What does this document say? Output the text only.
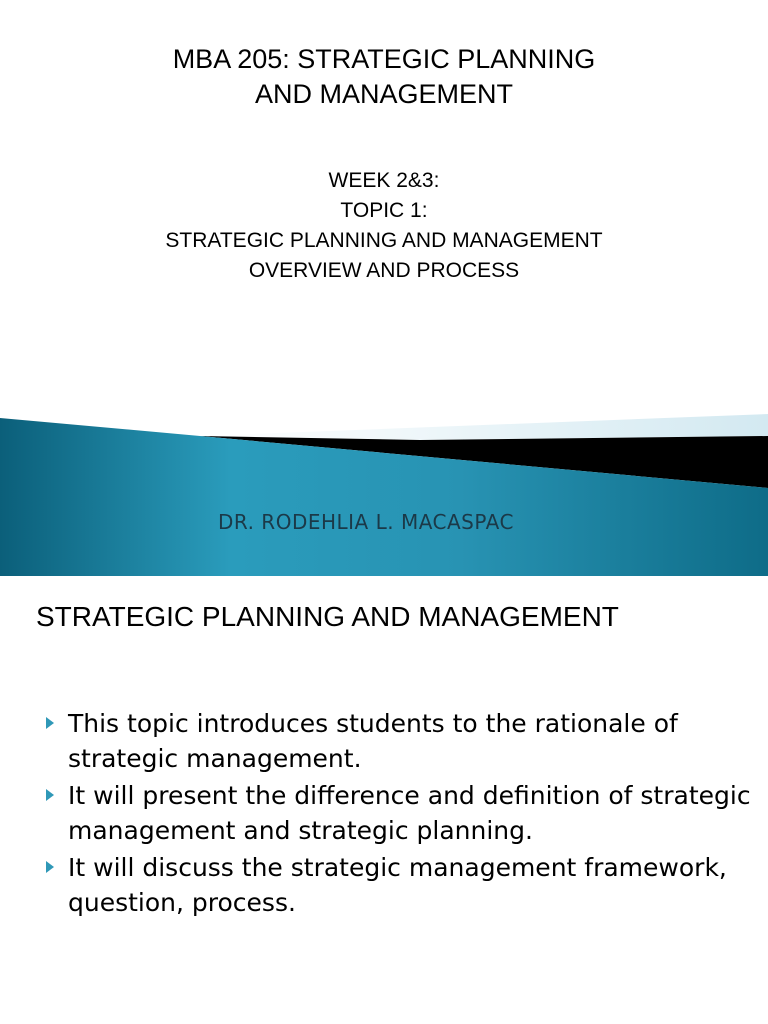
MBA 205: STRATEGIC PLANNING
AND MANAGEMENT
WEEK 2&3:
TOPIC 1:
STRATEGIC PLANNING AND MANAGEMENT
OVERVIEW AND PROCESS
DR. RODEHLIA L. MACASPAC
STRATEGIC PLANNING AND MANAGEMENT
This topic introduces students to the rationale of strategic management.
It will present the difference and definition of strategic management and strategic planning.
It will discuss the strategic management framework, question, process.
